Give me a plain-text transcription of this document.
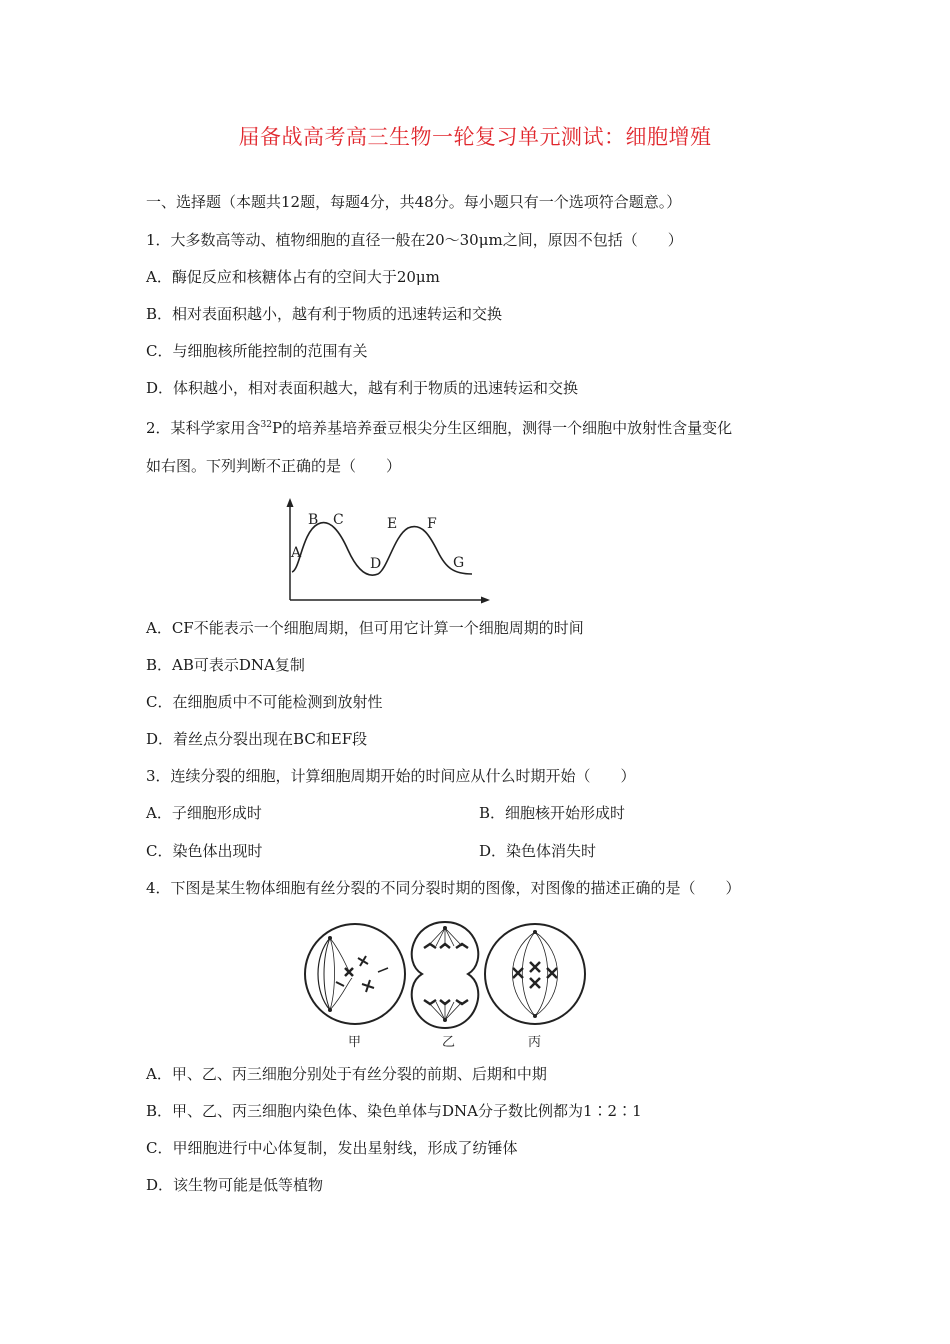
届备战高考高三生物一轮复习单元测试：细胞增殖
一、选择题（本题共12题，每题4分，共48分。每小题只有一个选项符合题意。）
1．大多数高等动、植物细胞的直径一般在20～30μm之间，原因不包括（　　）
A．酶促反应和核糖体占有的空间大于20μm
B．相对表面积越小，越有利于物质的迅速转运和交换
C．与细胞核所能控制的范围有关
D．体积越小，相对表面积越大，越有利于物质的迅速转运和交换
2．某科学家用含$^{32}$P的培养基培养蚕豆根尖分生区细胞，测得一个细胞中放射性含量变化
如右图。下列判断不正确的是（　　）
A
B C
D
E F
G
A．CF不能表示一个细胞周期，但可用它计算一个细胞周期的时间
B．AB可表示DNA复制
C．在细胞质中不可能检测到放射性
D．着丝点分裂出现在BC和EF段
3．连续分裂的细胞，计算细胞周期开始的时间应从什么时期开始（　　）
A．子细胞形成时	B．细胞核开始形成时
C．染色体出现时	D．染色体消失时
4．下图是某生物体细胞有丝分裂的不同分裂时期的图像，对图像的描述正确的是（　　）
甲	乙	丙
A．甲、乙、丙三细胞分别处于有丝分裂的前期、后期和中期
B．甲、乙、丙三细胞内染色体、染色单体与DNA分子数比例都为1∶2∶1
C．甲细胞进行中心体复制，发出星射线，形成了纺锤体
D．该生物可能是低等植物
